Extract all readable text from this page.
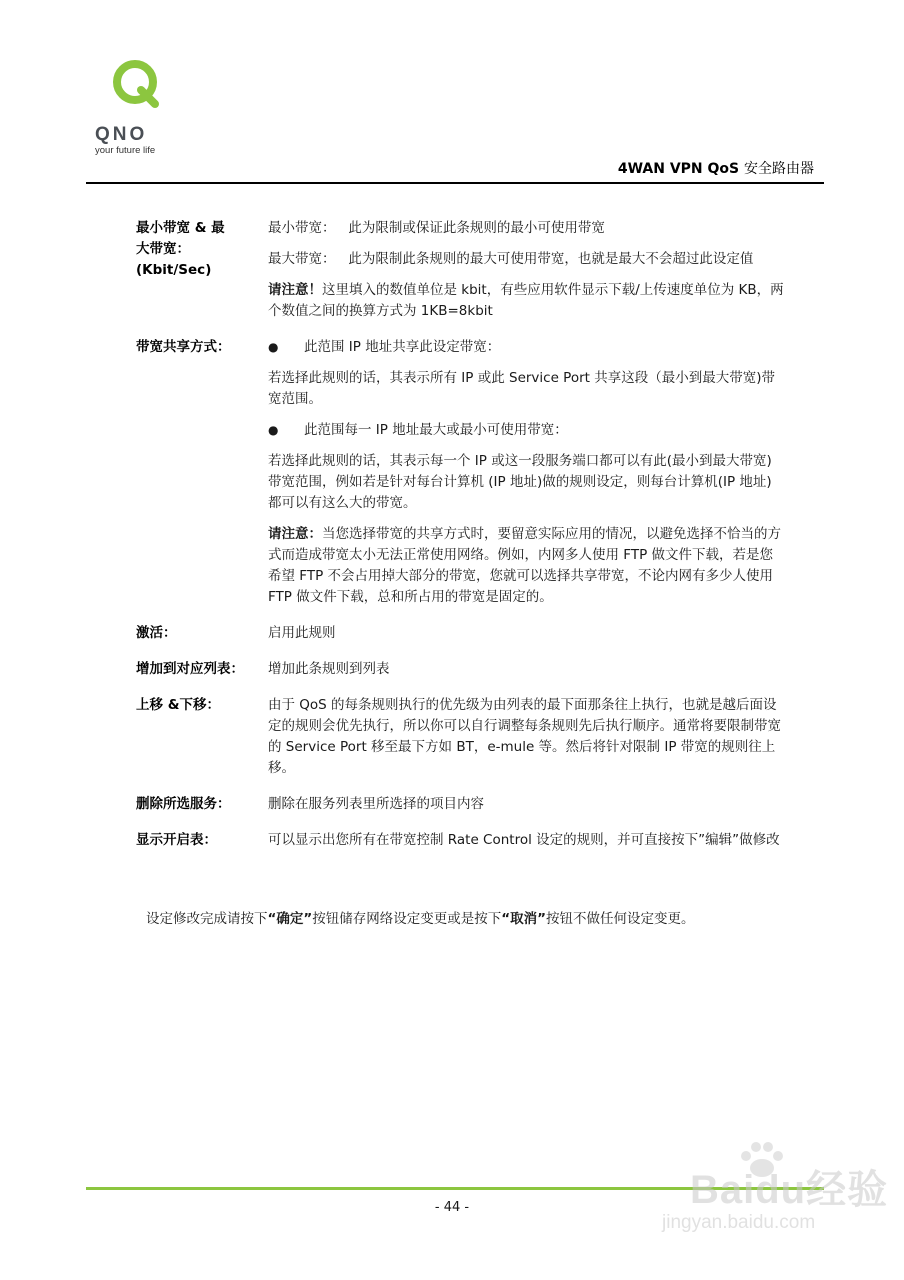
QNO
your future life
4WAN VPN QoS 安全路由器
最小带宽 & 最
大带宽：
(Kbit/Sec)

最小带宽： 此为限制或保证此条规则的最小可使用带宽

最大带宽： 此为限制此条规则的最大可使用带宽，也就是最大不会超过此设定值

请注意！这里填入的数值单位是 kbit，有些应用软件显示下载/上传速度单位为 KB，两个数值之间的换算方式为 1KB=8kbit

带宽共享方式：	●	此范围 IP 地址共享此设定带宽：

若选择此规则的话，其表示所有 IP 或此 Service Port 共享这段（最小到最大带宽)带宽范围。

●	此范围每一 IP 地址最大或最小可使用带宽：

若选择此规则的话，其表示每一个 IP 或这一段服务端口都可以有此(最小到最大带宽)带宽范围，例如若是针对每台计算机 (IP 地址)做的规则设定，则每台计算机(IP 地址)都可以有这么大的带宽。

请注意：当您选择带宽的共享方式时，要留意实际应用的情况，以避免选择不恰当的方式而造成带宽太小无法正常使用网络。例如，内网多人使用 FTP 做文件下载，若是您希望 FTP 不会占用掉大部分的带宽，您就可以选择共享带宽，不论内网有多少人使用 FTP 做文件下载，总和所占用的带宽是固定的。

激活：	启用此规则
增加到对应列表：	增加此条规则到列表
上移 &下移：	由于 QoS 的每条规则执行的优先级为由列表的最下面那条往上执行，也就是越后面设定的规则会优先执行，所以你可以自行调整每条规则先后执行顺序。通常将要限制带宽的 Service Port 移至最下方如 BT，e-mule 等。然后将针对限制 IP 带宽的规则往上移。
删除所选服务：	删除在服务列表里所选择的项目内容
显示开启表：	可以显示出您所有在带宽控制 Rate Control 设定的规则，并可直接按下”编辑”做修改
设定修改完成请按下“确定”按钮储存网络设定变更或是按下“取消”按钮不做任何设定变更。
- 44 -	Baidu经验
jingyan.baidu.com
